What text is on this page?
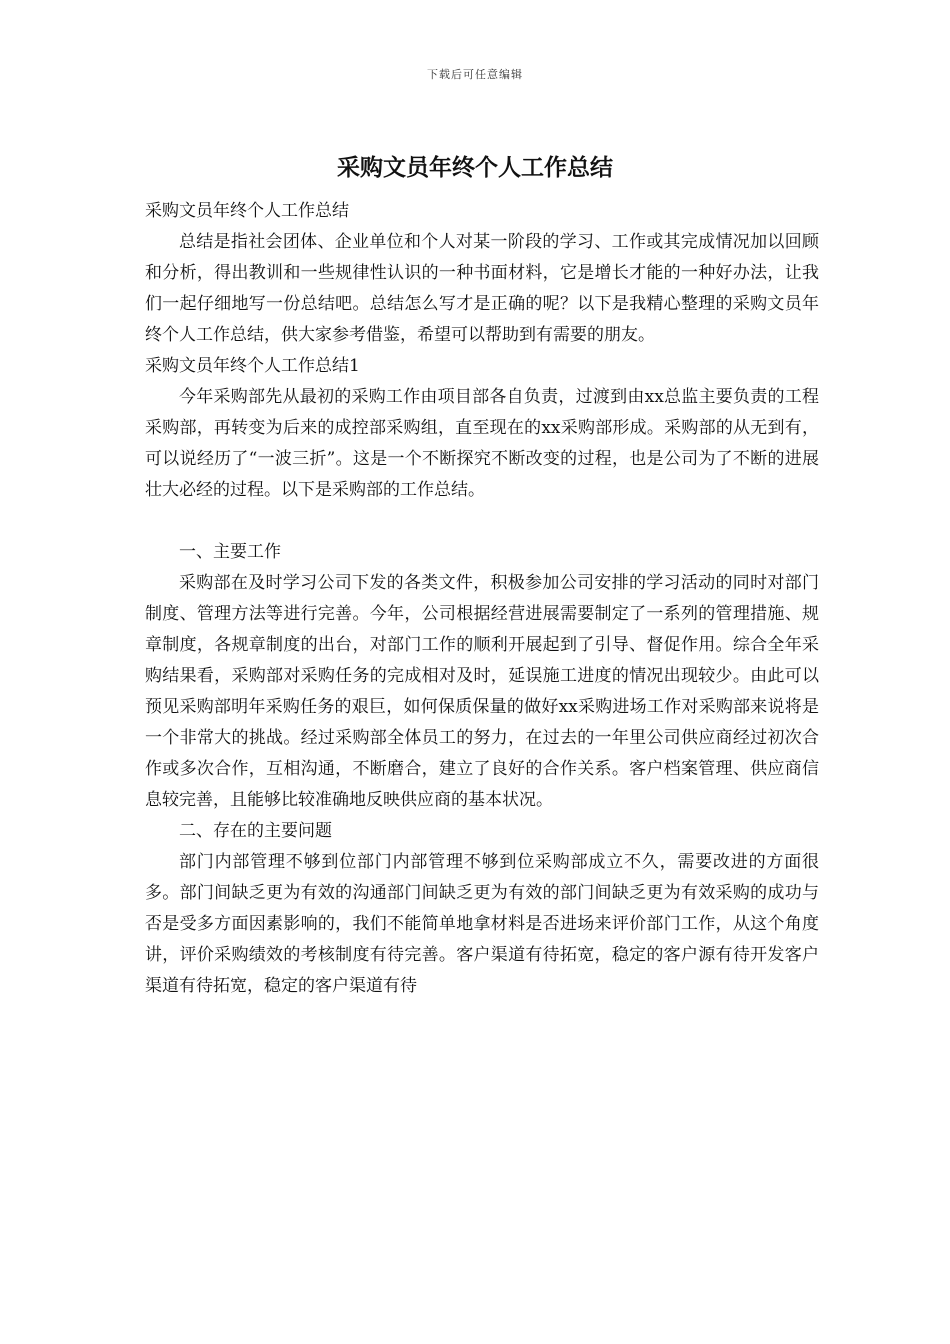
下载后可任意编辑
采购文员年终个人工作总结

采购文员年终个人工作总结

总结是指社会团体、企业单位和个人对某一阶段的学习、工作或其完成情况加以回顾和分析，得出教训和一些规律性认识的一种书面材料，它是增长才能的一种好办法，让我们一起仔细地写一份总结吧。总结怎么写才是正确的呢？以下是我精心整理的采购文员年终个人工作总结，供大家参考借鉴，希望可以帮助到有需要的朋友。

采购文员年终个人工作总结1

今年采购部先从最初的采购工作由项目部各自负责，过渡到由xx总监主要负责的工程采购部，再转变为后来的成控部采购组，直至现在的xx采购部形成。采购部的从无到有，可以说经历了“一波三折”。这是一个不断探究不断改变的过程，也是公司为了不断的进展壮大必经的过程。以下是采购部的工作总结。

一、主要工作

采购部在及时学习公司下发的各类文件，积极参加公司安排的学习活动的同时对部门制度、管理方法等进行完善。今年，公司根据经营进展需要制定了一系列的管理措施、规章制度，各规章制度的出台，对部门工作的顺利开展起到了引导、督促作用。综合全年采购结果看，采购部对采购任务的完成相对及时，延误施工进度的情况出现较少。由此可以预见采购部明年采购任务的艰巨，如何保质保量的做好xx采购进场工作对采购部来说将是一个非常大的挑战。经过采购部全体员工的努力，在过去的一年里公司供应商经过初次合作或多次合作，互相沟通，不断磨合，建立了良好的合作关系。客户档案管理、供应商信息较完善，且能够比较准确地反映供应商的基本状况。

二、存在的主要问题

部门内部管理不够到位部门内部管理不够到位采购部成立不久，需要改进的方面很多。部门间缺乏更为有效的沟通部门间缺乏更为有效的部门间缺乏更为有效采购的成功与否是受多方面因素影响的，我们不能简单地拿材料是否进场来评价部门工作，从这个角度讲，评价采购绩效的考核制度有待完善。客户渠道有待拓宽，稳定的客户源有待开发客户渠道有待拓宽，稳定的客户渠道有待
